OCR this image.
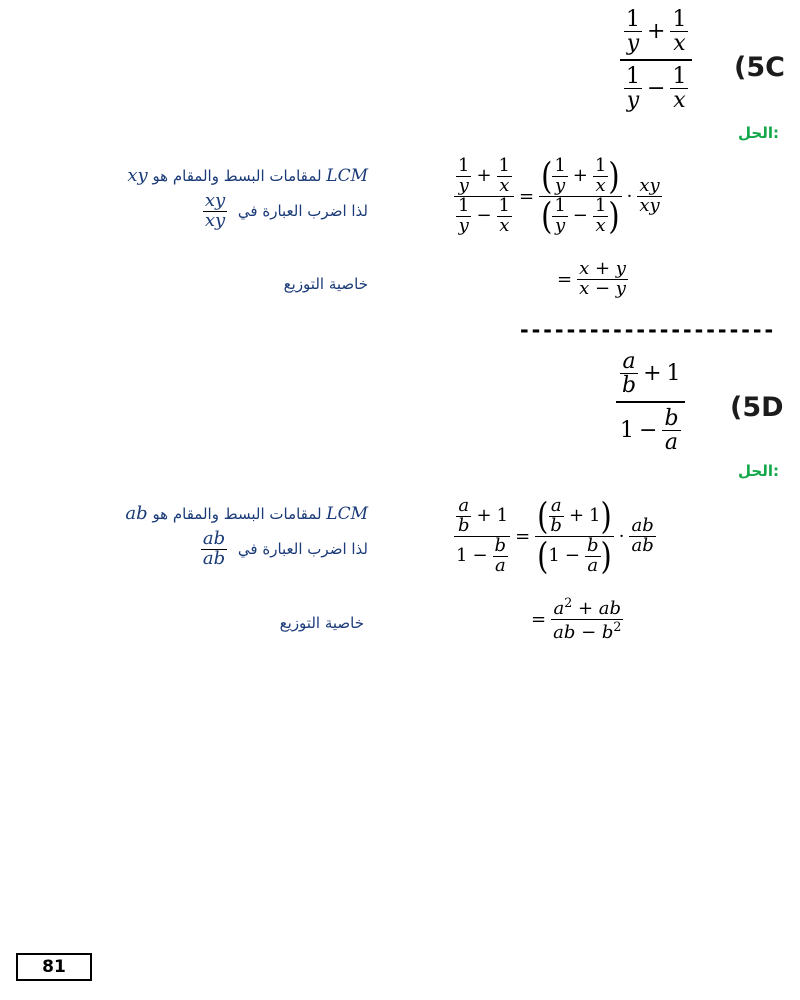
$\frac{\frac{1}{y} + \frac{1}{x}}{\frac{1}{y} - \frac{1}{x}} (5C$
الحل:
$\frac{\frac{1}{y} + \frac{1}{x}}{\frac{1}{y} - \frac{1}{x}} = \frac{( \frac{1}{y} + \frac{1}{x} )}{( \frac{1}{y} - \frac{1}{x} )} \cdot \frac{xy}{xy}$
LCM لمقامات البسط والمقام هو xy
لذا اضرب العبارة في
$\frac{xy}{xy}$
= $\frac{x + y}{x - y}$
خاصية التوزيع
----------------------
$\frac{\frac{a}{b} + 1}{1 - \frac{b}{a}} (5D$
الحل:
$\frac{\frac{a}{b} + 1}{1 - \frac{b}{a}} = \frac{( \frac{a}{b} + 1 )}{( 1 - \frac{b}{a} )} \cdot \frac{ab}{ab}$
LCM لمقامات البسط والمقام هو ab
لذا اضرب العبارة في
$\frac{ab}{ab}$
= $\frac{a^2 + ab}{ab - b^2}$
خاصية التوزيع
81
